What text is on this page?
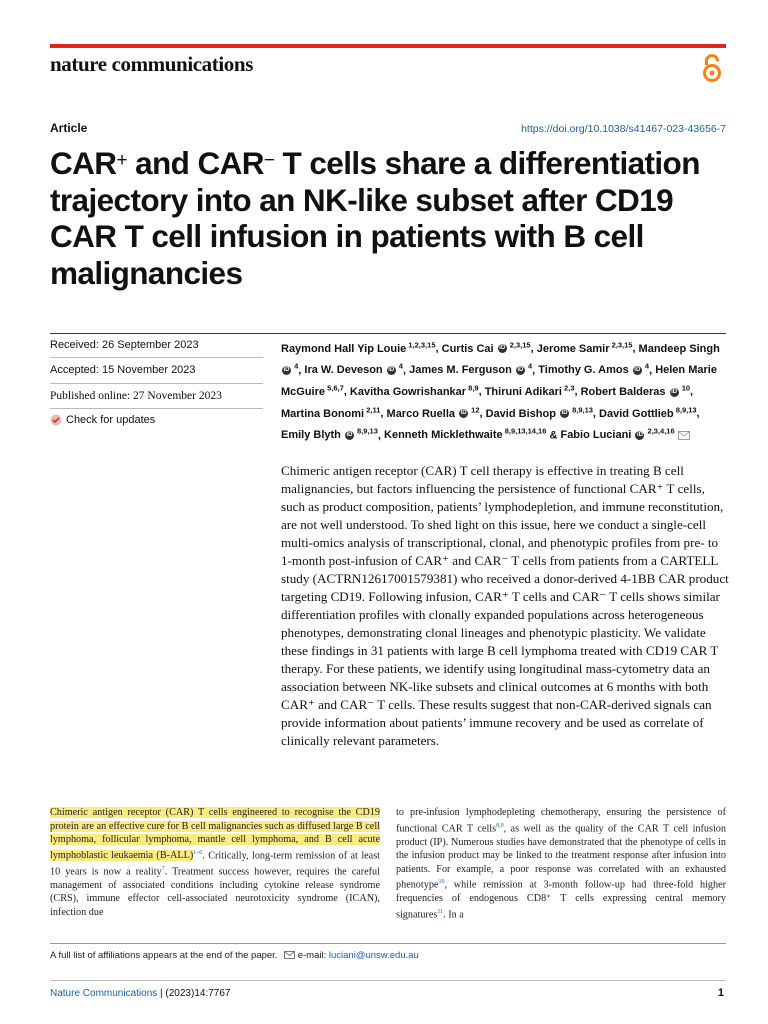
nature communications
Article	https://doi.org/10.1038/s41467-023-43656-7
CAR+ and CAR− T cells share a differentiation trajectory into an NK-like subset after CD19 CAR T cell infusion in patients with B cell malignancies
Received: 26 September 2023
Accepted: 15 November 2023
Published online: 27 November 2023
Check for updates
Raymond Hall Yip Louie $^{1,2,3,15}$, Curtis Cai iD $^{2,3,15}$, Jerome Samir $^{2,3,15}$, Mandeep Singh iD $^4$, Ira W. Deveson iD $^4$, James M. Ferguson iD $^4$, Timothy G. Amos iD $^4$, Helen Marie McGuire $^{5,6,7}$, Kavitha Gowrishankar $^{8,9}$, Thiruni Adikari $^{2,3}$, Robert Balderas iD $^{10}$, Martina Bonomi $^{2,11}$, Marco Ruella iD $^{12}$, David Bishop iD $^{8,9,13}$, David Gottlieb $^{8,9,13}$, Emily Blyth iD $^{8,9,13}$, Kenneth Micklethwaite $^{8,9,13,14,16}$ & Fabio Luciani iD $^{2,3,4,16}$
Chimeric antigen receptor (CAR) T cell therapy is effective in treating B cell malignancies, but factors influencing the persistence of functional CAR⁺ T cells, such as product composition, patients’ lymphodepletion, and immune reconstitution, are not well understood. To shed light on this issue, here we conduct a single-cell multi-omics analysis of transcriptional, clonal, and phenotypic profiles from pre- to 1-month post-infusion of CAR⁺ and CAR⁻ T cells from patients from a CARTELL study (ACTRN12617001579381) who received a donor-derived 4-1BB CAR product targeting CD19. Following infusion, CAR⁺ T cells and CAR⁻ T cells shows similar differentiation profiles with clonally expanded populations across heterogeneous phenotypes, demonstrating clonal lineages and phenotypic plasticity. We validate these findings in 31 patients with large B cell lymphoma treated with CD19 CAR T therapy. For these patients, we identify using longitudinal mass-cytometry data an association between NK-like subsets and clinical outcomes at 6 months with both CAR⁺ and CAR⁻ T cells. These results suggest that non-CAR-derived signals can provide information about patients’ immune recovery and be used as correlate of clinically relevant parameters.
Chimeric antigen receptor (CAR) T cells engineered to recognise the CD19 protein are an effective cure for B cell malignancies such as diffused large B cell lymphoma, follicular lymphoma, mantle cell lymphoma, and B cell acute lymphoblastic leukaemia $(B-ALL)^{1-6}$. Critically, long-term remission of at least 10 years is now a reality$^7$. Treatment success however, requires the careful management of associated conditions including cytokine release syndrome (CRS), immune effector cell-associated neurotoxicity syndrome (ICAN), infection due
to pre-infusion lymphodepleting chemotherapy, ensuring the persistence of functional CAR T cells$^{8,9}$, as well as the quality of the CAR T cell infusion product (IP). Numerous studies have demonstrated that the phenotype of cells in the infusion product may be linked to the treatment response after infusion into patients. For example, a poor response was correlated with an exhausted phenotype$^{10}$, while remission at 3-month follow-up had three-fold higher frequencies of endogenous CD8⁺ T cells expressing central memory signatures$^{11}$. In a
A full list of affiliations appears at the end of the paper. e-mail: luciani@unsw.edu.au
Nature Communications | (2023)14:7767	1
